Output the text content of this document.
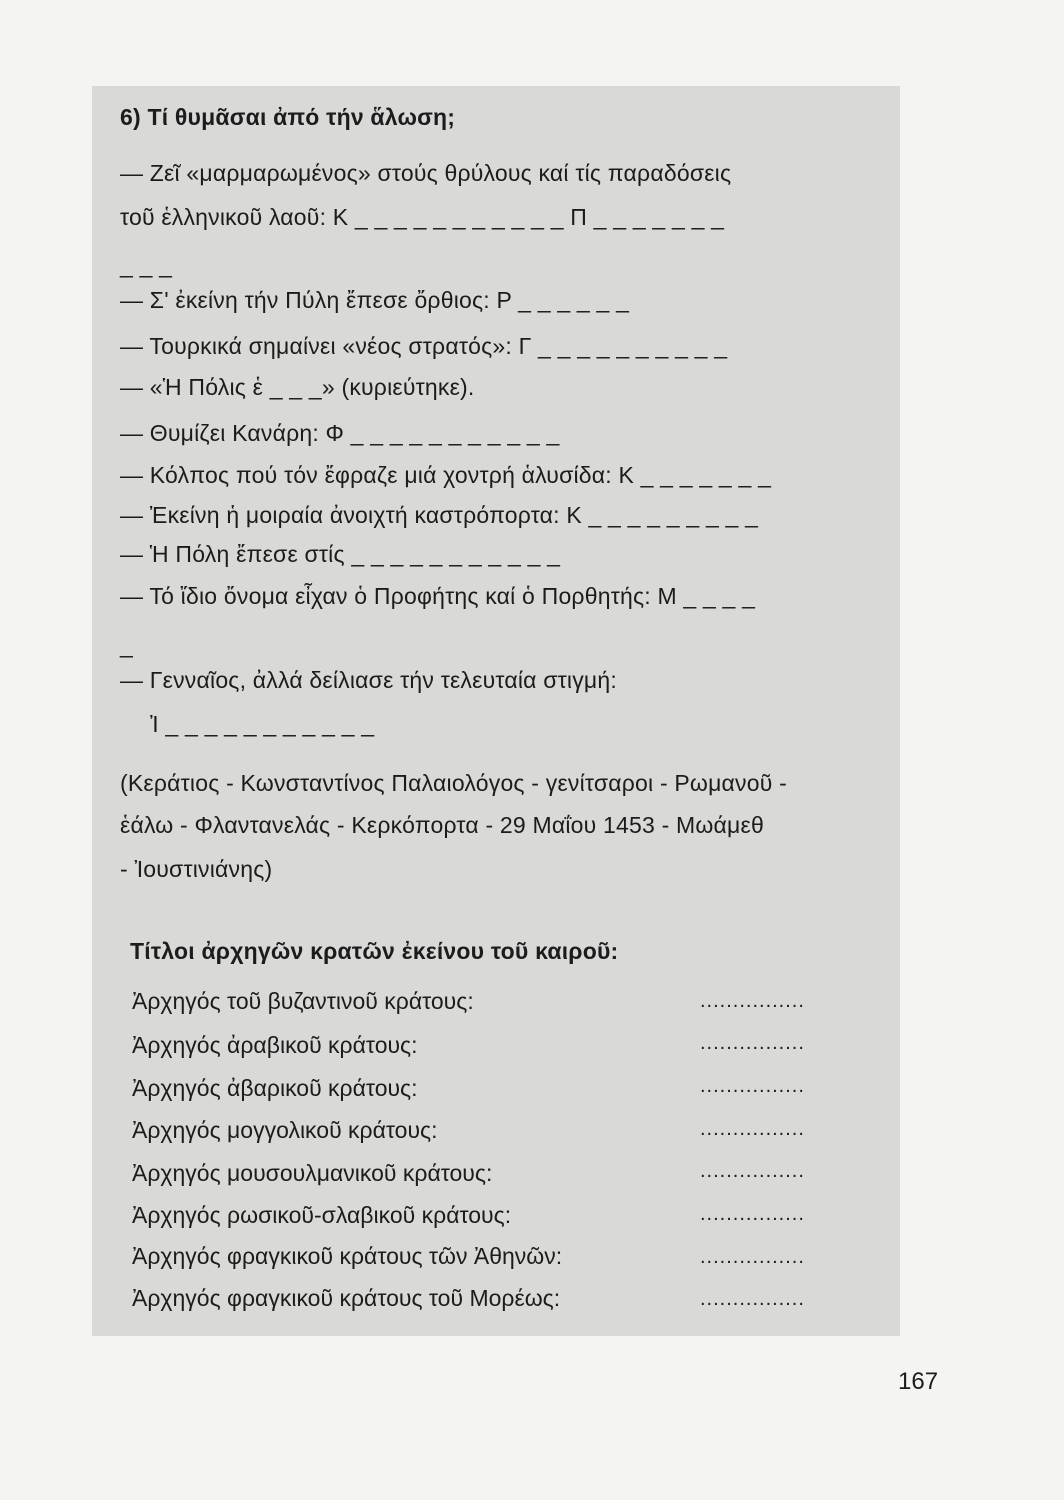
6) Τί θυμᾶσαι ἀπό τήν ἅλωση;
— Ζεῖ «μαρμαρωμένος» στούς θρύλους καί τίς παραδόσεις
τοῦ ἑλληνικοῦ λαοῦ: Κ _ _ _ _ _ _ _ _ _ _ _ Π _ _ _ _ _ _ _
_ _ _
— Σ' ἐκείνη τήν Πύλη ἔπεσε ὄρθιος: Ρ _ _ _ _ _ _
— Τουρκικά σημαίνει «νέος στρατός»: Γ _ _ _ _ _ _ _ _ _ _
— «Ἡ Πόλις ἑ _ _ _» (κυριεύτηκε).
— Θυμίζει Κανάρη: Φ _ _ _ _ _ _ _ _ _ _ _
— Κόλπος πού τόν ἔφραζε μιά χοντρή ἁλυσίδα: Κ _ _ _ _ _ _ _
— Ἐκείνη ἡ μοιραία ἀνοιχτή καστρόπορτα: Κ _ _ _ _ _ _ _ _ _
— Ἡ Πόλη ἔπεσε στίς _ _ _ _ _ _ _ _ _ _ _
— Τό ἴδιο ὄνομα εἶχαν ὁ Προφήτης καί ὁ Πορθητής: Μ _ _ _ _
_
— Γενναῖος, ἀλλά δείλιασε τήν τελευταία στιγμή:
Ἰ _ _ _ _ _ _ _ _ _ _ _
(Κεράτιος - Κωνσταντίνος Παλαιολόγος - γενίτσαροι - Ρωμανοῦ -
ἑάλω - Φλαντανελάς - Κερκόπορτα - 29 Μαΐου 1453 - Μωάμεθ
- Ἰουστινιάνης)
Τίτλοι ἀρχηγῶν κρατῶν ἐκείνου τοῦ καιροῦ:
Ἀρχηγός τοῦ βυζαντινοῦ κράτους:	................
Ἀρχηγός ἀραβικοῦ κράτους:	................
Ἀρχηγός ἀβαρικοῦ κράτους:	................
Ἀρχηγός μογγολικοῦ κράτους:	................
Ἀρχηγός μουσουλμανικοῦ κράτους:	................
Ἀρχηγός ρωσικοῦ-σλαβικοῦ κράτους:	................
Ἀρχηγός φραγκικοῦ κράτους τῶν Ἀθηνῶν:	................
Ἀρχηγός φραγκικοῦ κράτους τοῦ Μορέως:	................
167
